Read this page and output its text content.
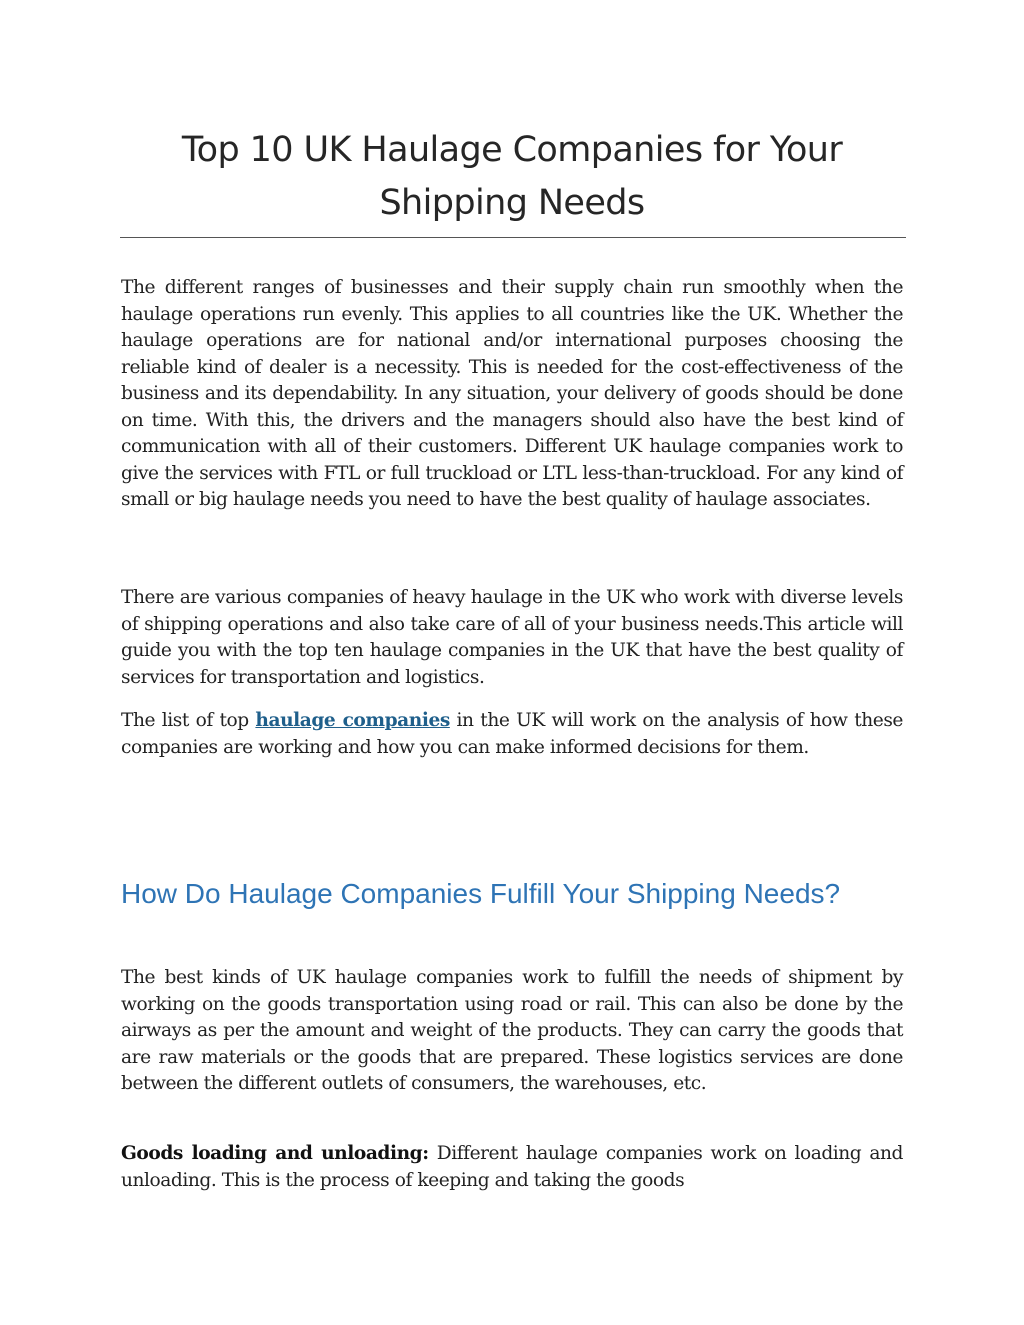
Top 10 UK Haulage Companies for Your Shipping Needs

The different ranges of businesses and their supply chain run smoothly when the haulage operations run evenly. This applies to all countries like the UK. Whether the haulage operations are for national and/or international purposes choosing the reliable kind of dealer is a necessity. This is needed for the cost-effectiveness of the business and its dependability. In any situation, your delivery of goods should be done on time. With this, the drivers and the managers should also have the best kind of communication with all of their customers. Different UK haulage companies work to give the services with FTL or full truckload or LTL less-than-truckload. For any kind of small or big haulage needs you need to have the best quality of haulage associates.

There are various companies of heavy haulage in the UK who work with diverse levels of shipping operations and also take care of all of your business needs.This article will guide you with the top ten haulage companies in the UK that have the best quality of services for transportation and logistics.

The list of top haulage companies in the UK will work on the analysis of how these companies are working and how you can make informed decisions for them.

How Do Haulage Companies Fulfill Your Shipping Needs?

The best kinds of UK haulage companies work to fulfill the needs of shipment by working on the goods transportation using road or rail. This can also be done by the airways as per the amount and weight of the products. They can carry the goods that are raw materials or the goods that are prepared. These logistics services are done between the different outlets of consumers, the warehouses, etc.

Goods loading and unloading: Different haulage companies work on loading and unloading. This is the process of keeping and taking the goods
